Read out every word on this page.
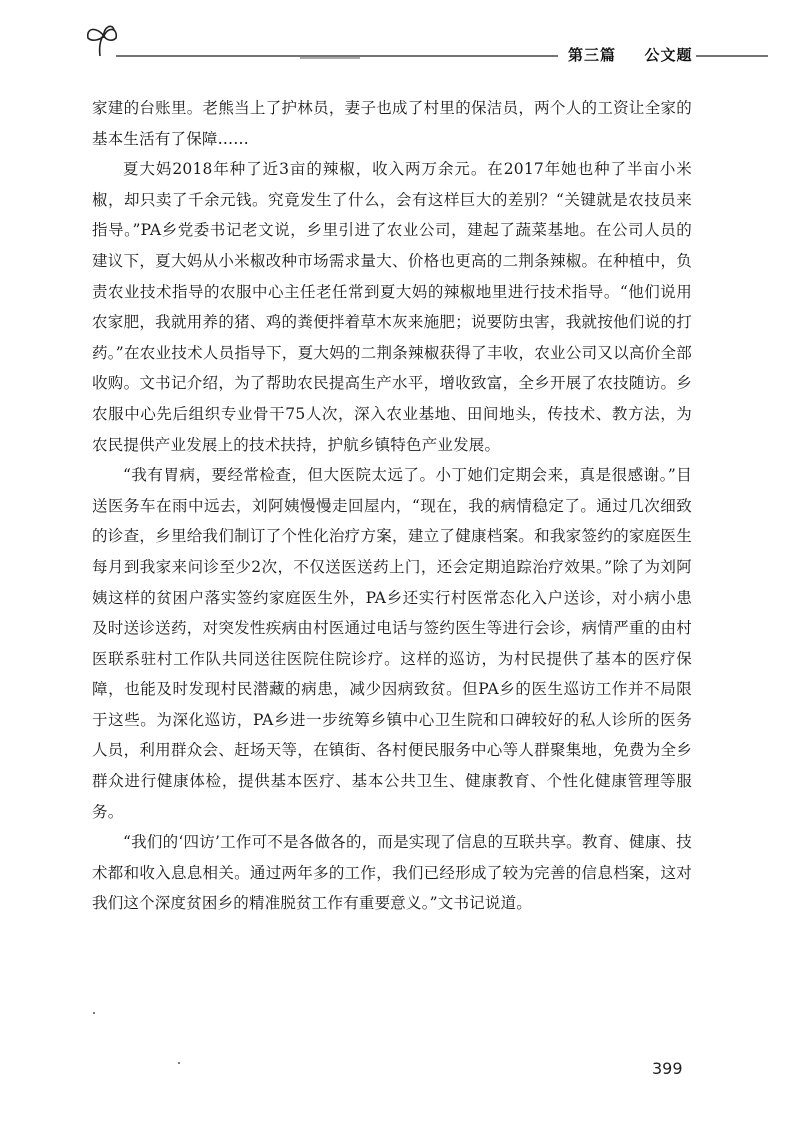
第三篇 公文题

家建的台账里。老熊当上了护林员，妻子也成了村里的保洁员，两个人的工资让全家的基本生活有了保障……

夏大妈2018年种了近3亩的辣椒，收入两万余元。在2017年她也种了半亩小米椒，却只卖了千余元钱。究竟发生了什么，会有这样巨大的差别？“关键就是农技员来指导。”PA乡党委书记老文说，乡里引进了农业公司，建起了蔬菜基地。在公司人员的建议下，夏大妈从小米椒改种市场需求量大、价格也更高的二荆条辣椒。在种植中，负责农业技术指导的农服中心主任老任常到夏大妈的辣椒地里进行技术指导。“他们说用农家肥，我就用养的猪、鸡的粪便拌着草木灰来施肥；说要防虫害，我就按他们说的打药。”在农业技术人员指导下，夏大妈的二荆条辣椒获得了丰收，农业公司又以高价全部收购。文书记介绍，为了帮助农民提高生产水平，增收致富，全乡开展了农技随访。乡农服中心先后组织专业骨干75人次，深入农业基地、田间地头，传技术、教方法，为农民提供产业发展上的技术扶持，护航乡镇特色产业发展。

“我有胃病，要经常检查，但大医院太远了。小丁她们定期会来，真是很感谢。”目送医务车在雨中远去，刘阿姨慢慢走回屋内，“现在，我的病情稳定了。通过几次细致的诊查，乡里给我们制订了个性化治疗方案，建立了健康档案。和我家签约的家庭医生每月到我家来问诊至少2次，不仅送医送药上门，还会定期追踪治疗效果。”除了为刘阿姨这样的贫困户落实签约家庭医生外，PA乡还实行村医常态化入户送诊，对小病小患及时送诊送药，对突发性疾病由村医通过电话与签约医生等进行会诊，病情严重的由村医联系驻村工作队共同送往医院住院诊疗。这样的巡访，为村民提供了基本的医疗保障，也能及时发现村民潜藏的病患，减少因病致贫。但PA乡的医生巡访工作并不局限于这些。为深化巡访，PA乡进一步统筹乡镇中心卫生院和口碑较好的私人诊所的医务人员，利用群众会、赶场天等，在镇街、各村便民服务中心等人群聚集地，免费为全乡群众进行健康体检，提供基本医疗、基本公共卫生、健康教育、个性化健康管理等服务。

“我们的‘四访’工作可不是各做各的，而是实现了信息的互联共享。教育、健康、技术都和收入息息相关。通过两年多的工作，我们已经形成了较为完善的信息档案，这对我们这个深度贫困乡的精准脱贫工作有重要意义。”文书记说道。

399
